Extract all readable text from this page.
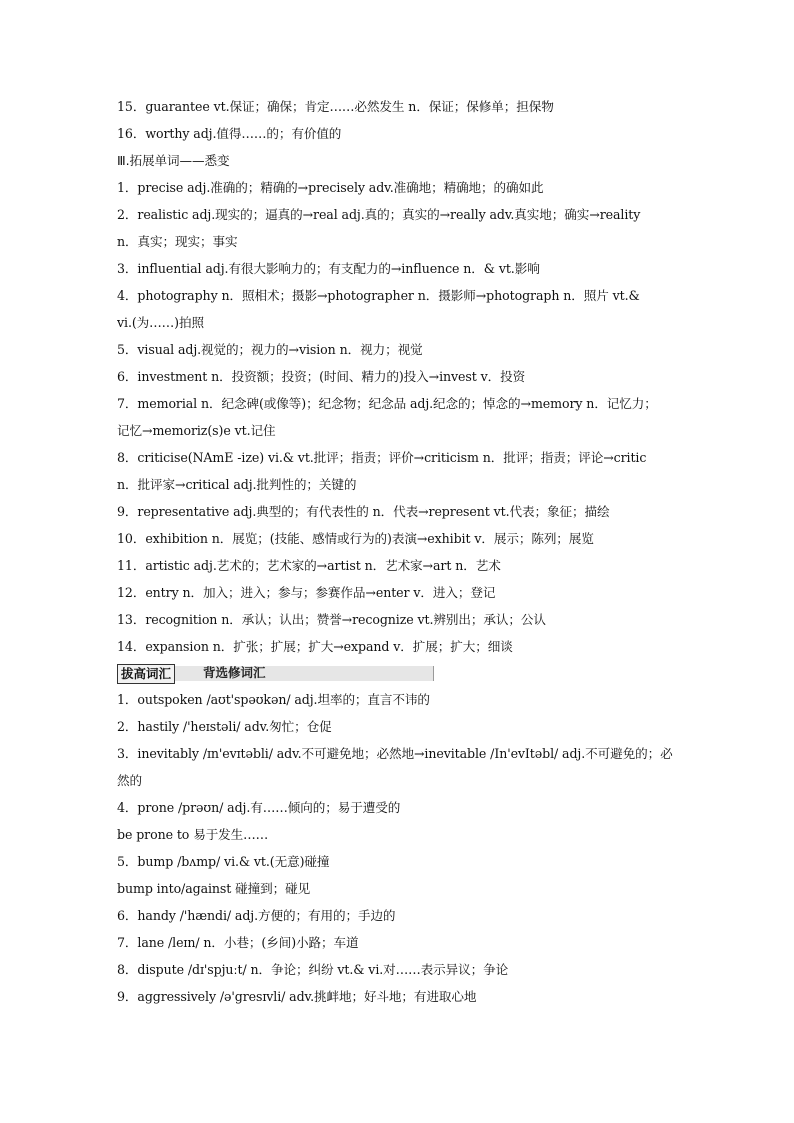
15．guarantee vt.保证；确保；肯定……必然发生 n．保证；保修单；担保物
16．worthy adj.值得……的；有价值的
Ⅲ.拓展单词——悉变
1．precise adj.准确的；精确的→precisely adv.准确地；精确地；的确如此
2．realistic adj.现实的；逼真的→real adj.真的；真实的→really adv.真实地；确实→reality
n．真实；现实；事实
3．influential adj.有很大影响力的；有支配力的→influence n．& vt.影响
4．photography n．照相术；摄影→photographer n．摄影师→photograph n．照片 vt.&
vi.(为……)拍照
5．visual adj.视觉的；视力的→vision n．视力；视觉
6．investment n．投资额；投资；(时间、精力的)投入→invest v．投资
7．memorial n．纪念碑(或像等)；纪念物；纪念品 adj.纪念的；悼念的→memory n．记忆力；
记忆→memoriz(s)e vt.记住
8．criticise(NAmE -ize) vi.& vt.批评；指责；评价→criticism n．批评；指责；评论→critic
n．批评家→critical adj.批判性的；关键的
9．representative adj.典型的；有代表性的 n．代表→represent vt.代表；象征；描绘
10．exhibition n．展览；(技能、感情或行为的)表演→exhibit v．展示；陈列；展览
11．artistic adj.艺术的；艺术家的→artist n．艺术家→art n．艺术
12．entry n．加入；进入；参与；参赛作品→enter v．进入；登记
13．recognition n．承认；认出；赞誉→recognize vt.辨别出；承认；公认
14．expansion n．扩张；扩展；扩大→expand v．扩展；扩大；细谈
拔高词汇	背选修词汇
1．outspoken /aʊt'spəʊkən/ adj.坦率的；直言不讳的
2．hastily /'heɪstəli/ adv.匆忙；仓促
3．inevitably /ɪn'evɪtəbli/ adv.不可避免地；必然地→inevitable /In'evItəbl/ adj.不可避免的；必
然的
4．prone /prəʊn/ adj.有……倾向的；易于遭受的
be prone to 易于发生……
5．bump /bʌmp/ vi.& vt.(无意)碰撞
bump into/against 碰撞到；碰见
6．handy /'hændi/ adj.方便的；有用的；手边的
7．lane /leɪn/ n．小巷；(乡间)小路；车道
8．dispute /dɪ'spjuːt/ n．争论；纠纷 vt.& vi.对……表示异议；争论
9．aggressively /ə'gresɪvli/ adv.挑衅地；好斗地；有进取心地
